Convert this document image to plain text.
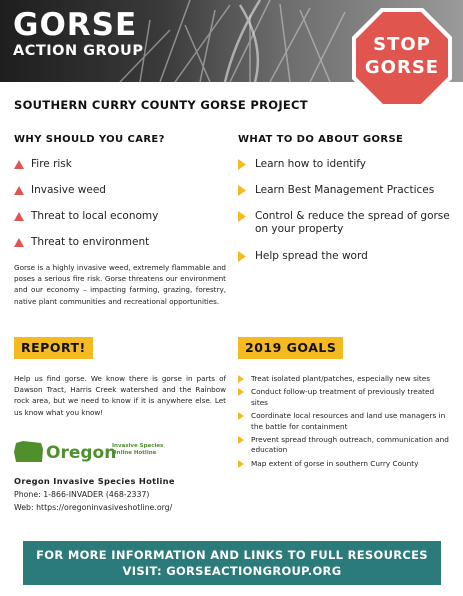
GORSE
ACTION GROUP	STOP
GORSE
SOUTHERN CURRY COUNTY GORSE PROJECT
WHY SHOULD YOU CARE?
Fire risk
Invasive weed
Threat to local economy
Threat to environment
Gorse is a highly invasive weed, extremely flammable and poses a serious fire risk. Gorse threatens our environment and our economy – impacting farming, grazing, forestry, native plant communities and recreational opportunities.
WHAT TO DO ABOUT GORSE
Learn how to identify
Learn Best Management Practices
Control & reduce the spread of gorse on your property
Help spread the word
REPORT!
Help us find gorse. We know there is gorse in parts of Dawson Tract, Harris Creek watershed and the Rainbow rock area, but we need to know if it is anywhere else. Let us know what you know!
Oregon
Invasive Species
Online Hotline
Oregon Invasive Species Hotline
Phone: 1-866-INVADER (468-2337)
Web: https://oregoninvasiveshotline.org/
2019 GOALS
Treat isolated plant/patches, especially new sites
Conduct follow-up treatment of previously treated sites
Coordinate local resources and land use managers in the battle for containment
Prevent spread through outreach, communication and education
Map extent of gorse in southern Curry County
FOR MORE INFORMATION AND LINKS TO FULL RESOURCES
VISIT: GORSEACTIONGROUP.ORG
